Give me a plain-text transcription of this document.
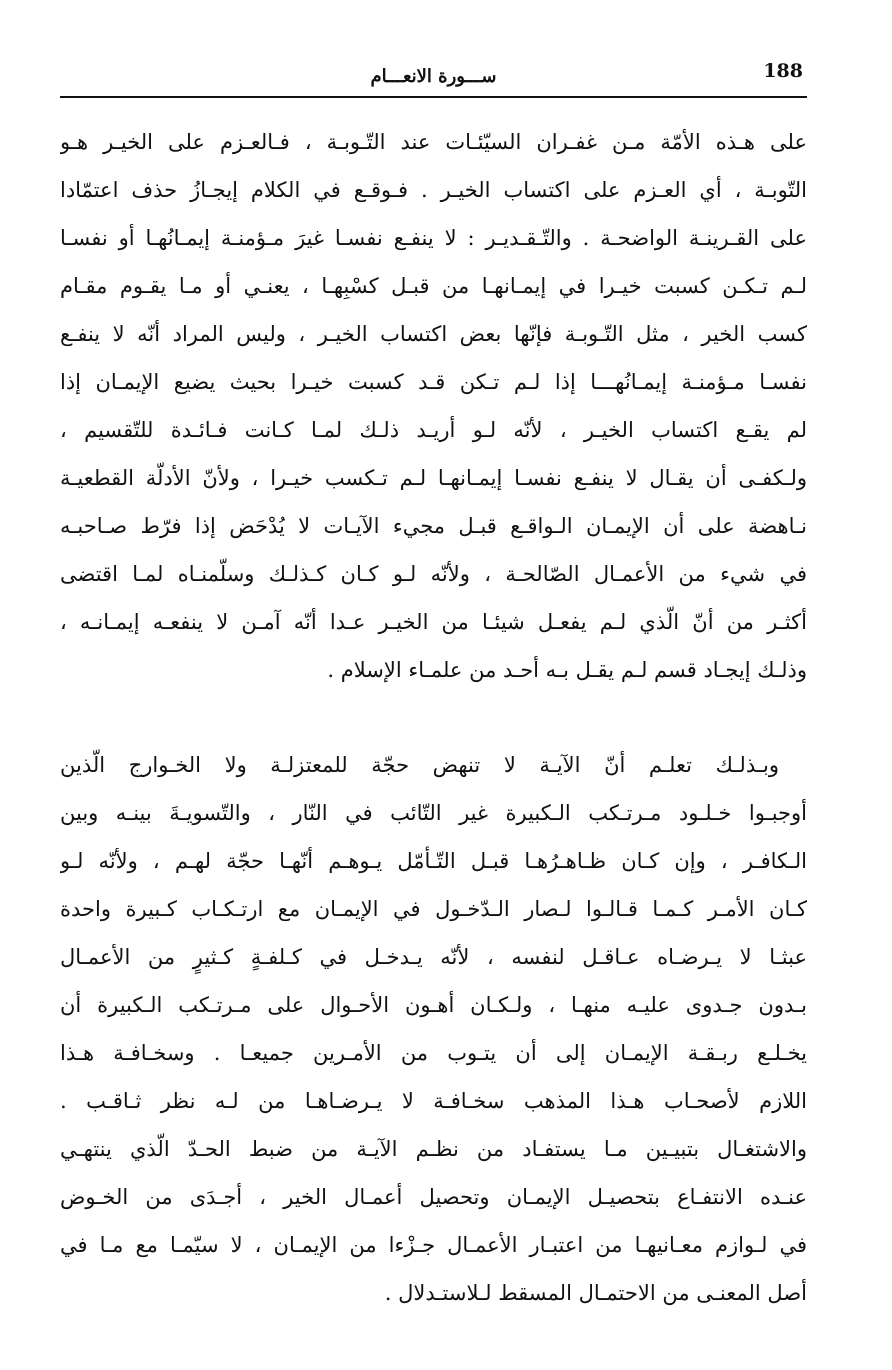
188
ســـورة الانعـــام
على هـذه الأمّة مـن غفـران السيّئـات عند التّـوبـة ، فـالعـزم على الخيـر هـو
التّوبـة ، أي العـزم على اكتساب الخيـر . فـوقـع في الكلام إيجـازُ حذف اعتمّادا
على القـرينـة الواضحـة . والتّـقـديـر : لا ينفـع نفسـا غيرَ مـؤمنـة إيمـانُهـا أو نفسـا
لـم تـكـن كسبت خيـرا في إيمـانهـا من قبـل كسْبِهـا ، يعنـي أو مـا يقـوم مقـام
كسب الخير ، مثل التّـوبـة فإنّها بعض اكتساب الخيـر ، وليس المراد أنّه لا ينفـع
نفسـا مـؤمنـة إيمـانُهـــا إذا لـم تـكن قـد كسبت خيـرا بحيث يضيع الإيمـان إذا
لم يقـع اكتساب الخيـر ، لأنّه لـو أريـد ذلـك لمـا كـانت فـائـدة للتّقسيم ،
ولـكفـى أن يقـال لا ينفـع نفسـا إيمـانهـا لـم تـكسب خيـرا ، ولأنّ الأدلّة القطعيـة
نـاهضة على أن الإيمـان الـواقـع قبـل مجيء الآيـات لا يُدْحَض إذا فرّط صـاحبـه
في شيء من الأعمـال الصّالحـة ، ولأنّه لـو كـان كـذلـك وسلّمنـاه لمـا اقتضى
أكثـر من أنّ الّذي لـم يفعـل شيئـا من الخيـر عـدا أنّه آمـن لا ينفعـه إيمـانـه ،
وذلـك إيجـاد قسم لـم يقـل بـه أحـد من علمـاء الإسلام .
وبـذلـك تعلـم أنّ الآيـة لا تنهض حجّة للمعتزلـة ولا الخـوارج الّذين
أوجبـوا خـلـود مـرتـكب الـكبيرة غير التّائب في النّار ، والتّسويـةَ بينـه وبين
الـكافـر ، وإن كـان ظـاهـرُهـا قبـل التّـأمّل يـوهـم أنّهـا حجّة لهـم ، ولأنّه لـو
كـان الأمـر كـمـا قـالـوا لـصار الـدّخـول في الإيمـان مع ارتـكـاب كـبيرة واحدة
عبثـا لا يـرضـاه عـاقـل لنفسه ، لأنّه يـدخـل في كـلفـةٍ كـثيرٍ من الأعمـال
بـدون جـدوى عليـه منهـا ، ولـكـان أهـون الأحـوال على مـرتـكب الـكبيرة أن
يخـلـع ربـقـة الإيمـان إلى أن يتـوب من الأمـرين جميعـا . وسخـافـة هـذا
اللازم لأصحـاب هـذا المذهب سخـافـة لا يـرضـاهـا من لـه نظر ثـاقـب .
والاشتغـال بتبيـين مـا يستفـاد من نظـم الآيـة من ضبط الحـدّ الّذي ينتهـي
عنـده الانتفـاع بتحصيـل الإيمـان وتحصيل أعمـال الخير ، أجـدَى من الخـوض
في لـوازم معـانيهـا من اعتبـار الأعمـال جـزْءا من الإيمـان ، لا سيّمـا مع مـا في
أصل المعنـى من الاحتمـال المسقط لـلاستـدلال .
